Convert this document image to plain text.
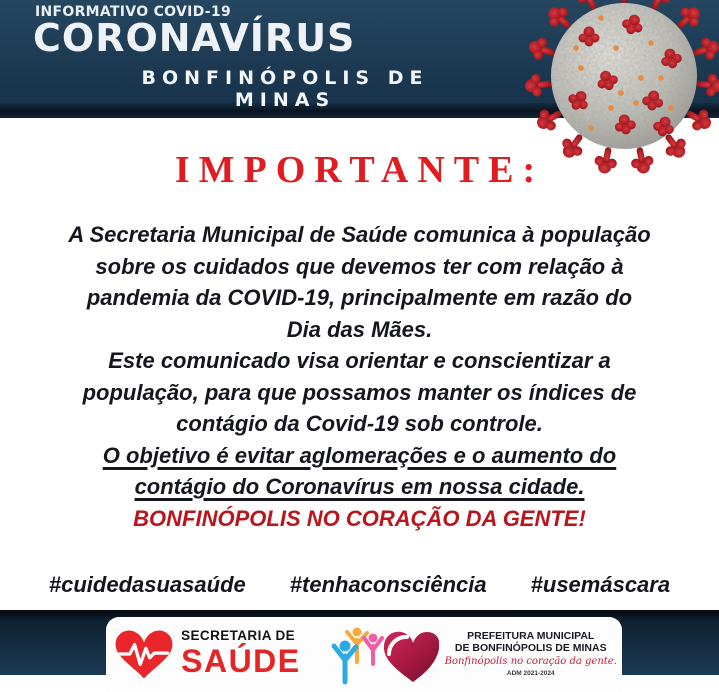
INFORMATIVO COVID-19
CORONAVÍRUS
BONFINÓPOLIS DE MINAS
IMPORTANTE:
A Secretaria Municipal de Saúde comunica à população
sobre os cuidados que devemos ter com relação à
pandemia da COVID-19, principalmente em razão do
Dia das Mães.
Este comunicado visa orientar e conscientizar a
população, para que possamos manter os índices de
contágio da Covid-19 sob controle.
O objetivo é evitar aglomerações e o aumento do
contágio do Coronavírus em nossa cidade.
BONFINÓPOLIS NO CORAÇÃO DA GENTE!
#cuidedasuasaúde #tenhaconsciência #usemáscara
SECRETARIA DE
SAÚDE
PREFEITURA MUNICIPAL
DE BONFINÓPOLIS DE MINAS
Bonfinópolis no coração da gente.
ADM 2021-2024
